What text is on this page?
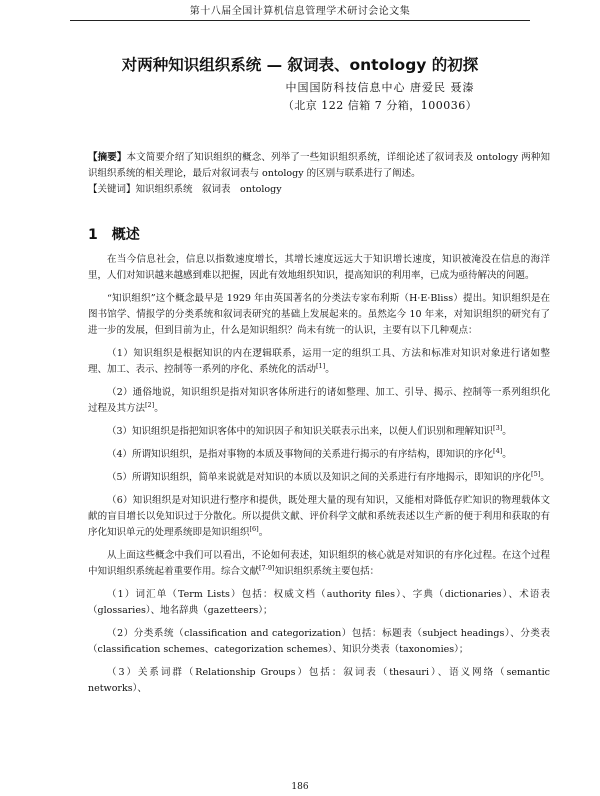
第十八届全国计算机信息管理学术研讨会论文集
对两种知识组织系统 — 叙词表、ontology 的初探
中国国防科技信息中心 唐爱民 聂溱
（北京 122 信箱 7 分箱，100036）
【摘要】本文简要介绍了知识组织的概念、列举了一些知识组织系统，详细论述了叙词表及 ontology 两种知识组织系统的相关理论，最后对叙词表与 ontology 的区别与联系进行了阐述。
【关键词】知识组织系统　叙词表　ontology
1　概述

在当今信息社会，信息以指数速度增长，其增长速度远远大于知识增长速度，知识被淹没在信息的海洋里，人们对知识越来越感到难以把握，因此有效地组织知识，提高知识的利用率，已成为亟待解决的问题。

“知识组织”这个概念最早是 1929 年由英国著名的分类法专家布利斯（H·E·Bliss）提出。知识组织是在图书馆学、情报学的分类系统和叙词表研究的基础上发展起来的。虽然迄今 10 年来，对知识组织的研究有了进一步的发展，但到目前为止，什么是知识组织？尚未有统一的认识，主要有以下几种观点：

（1）知识组织是根据知识的内在逻辑联系，运用一定的组织工具、方法和标准对知识对象进行诸如整理、加工、表示、控制等一系列的序化、系统化的活动[1]。

（2）通俗地说，知识组织是指对知识客体所进行的诸如整理、加工、引导、揭示、控制等一系列组织化过程及其方法[2]。

（3）知识组织是指把知识客体中的知识因子和知识关联表示出来，以便人们识别和理解知识[3]。

（4）所谓知识组织，是指对事物的本质及事物间的关系进行揭示的有序结构，即知识的序化[4]。

（5）所谓知识组织，简单来说就是对知识的本质以及知识之间的关系进行有序地揭示，即知识的序化[5]。

（6）知识组织是对知识进行整序和提供，既处理大量的现有知识，又能相对降低存贮知识的物理载体文献的盲目增长以免知识过于分散化。所以提供文献、评价科学文献和系统表述以生产新的便于利用和获取的有序化知识单元的处理系统即是知识组织[6]。

从上面这些概念中我们可以看出，不论如何表述，知识组织的核心就是对知识的有序化过程。在这个过程中知识组织系统起着重要作用。综合文献[7-9]知识组织系统主要包括：

（1）词汇单（Term Lists）包括：权威文档（authority files）、字典（dictionaries）、术语表（glossaries）、地名辞典（gazetteers）；

（2）分类系统（classification and categorization）包括：标题表（subject headings）、分类表（classification schemes、categorization schemes）、知识分类表（taxonomies）；

（3）关系词群（Relationship Groups）包括：叙词表（thesauri）、语义网络（semantic networks）、

186
